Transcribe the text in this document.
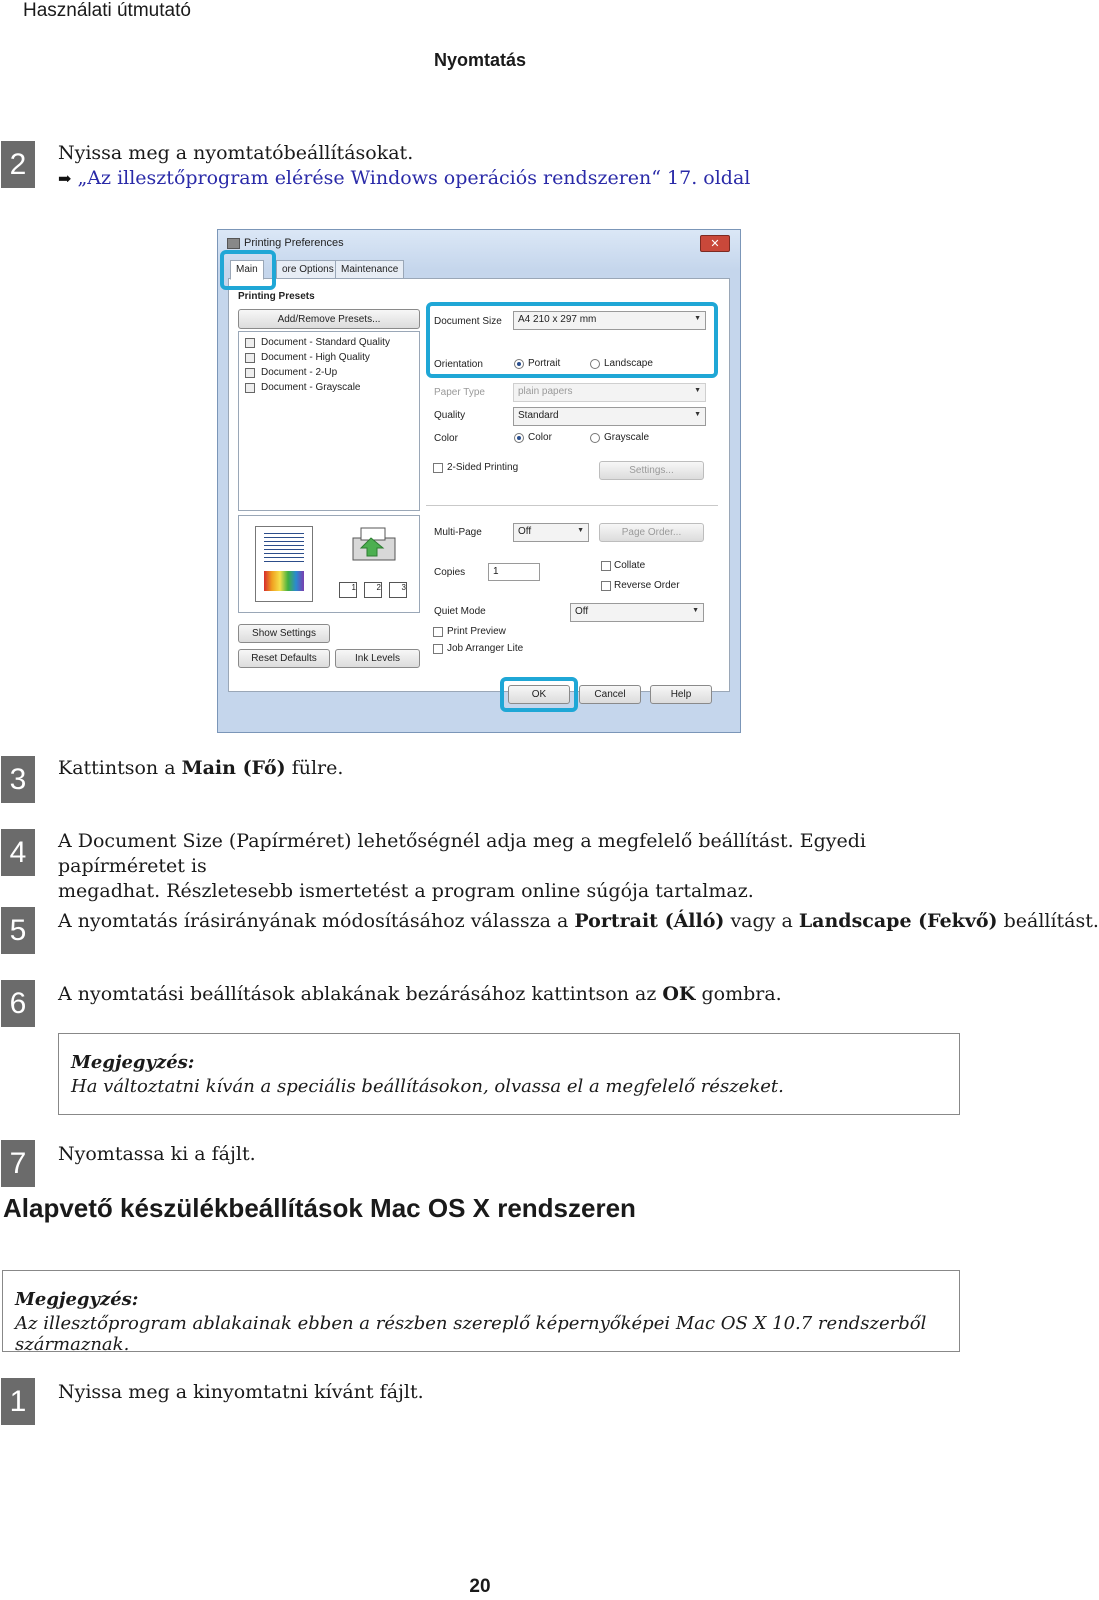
Használati útmutató
Nyomtatás
2	Nyissa meg a nyomtatóbeállításokat.
➡ „Az illesztőprogram elérése Windows operációs rendszeren“ 17. oldal
Printing Preferences	✕
Main	ore Options Maintenance
Printing Presets
Add/Remove Presets...
Document - Standard Quality
Document - High Quality
Document - 2-Up
Document - Grayscale
1	2	3
Show Settings
Reset Defaults	Ink Levels
Document Size	A4 210 x 297 mm ▼
Orientation	Portrait	Landscape
Paper Type	plain papers ▼
Quality	Standard ▼
Color	Color	Grayscale
2-Sided Printing	Settings...
Multi-Page	Off ▼	Page Order...
Copies	1
Collate
Reverse Order
Quiet Mode	Off ▼
Print Preview
Job Arranger Lite
OK	Cancel	Help
3	Kattintson a Main (Fő) fülre.
4	A Document Size (Papírméret) lehetőségnél adja meg a megfelelő beállítást. Egyedi papírméretet is
megadhat. Részletesebb ismertetést a program online súgója tartalmaz.
5	A nyomtatás írásirányának módosításához válassza a Portrait (Álló) vagy a Landscape (Fekvő) beállítást.
6	A nyomtatási beállítások ablakának bezárásához kattintson az OK gombra.
Megjegyzés:
Ha változtatni kíván a speciális beállításokon, olvassa el a megfelelő részeket.
7	Nyomtassa ki a fájlt.
Alapvető készülékbeállítások Mac OS X rendszeren
Megjegyzés:
Az illesztőprogram ablakainak ebben a részben szereplő képernyőképei Mac OS X 10.7 rendszerből származnak.
1	Nyissa meg a kinyomtatni kívánt fájlt.
20
